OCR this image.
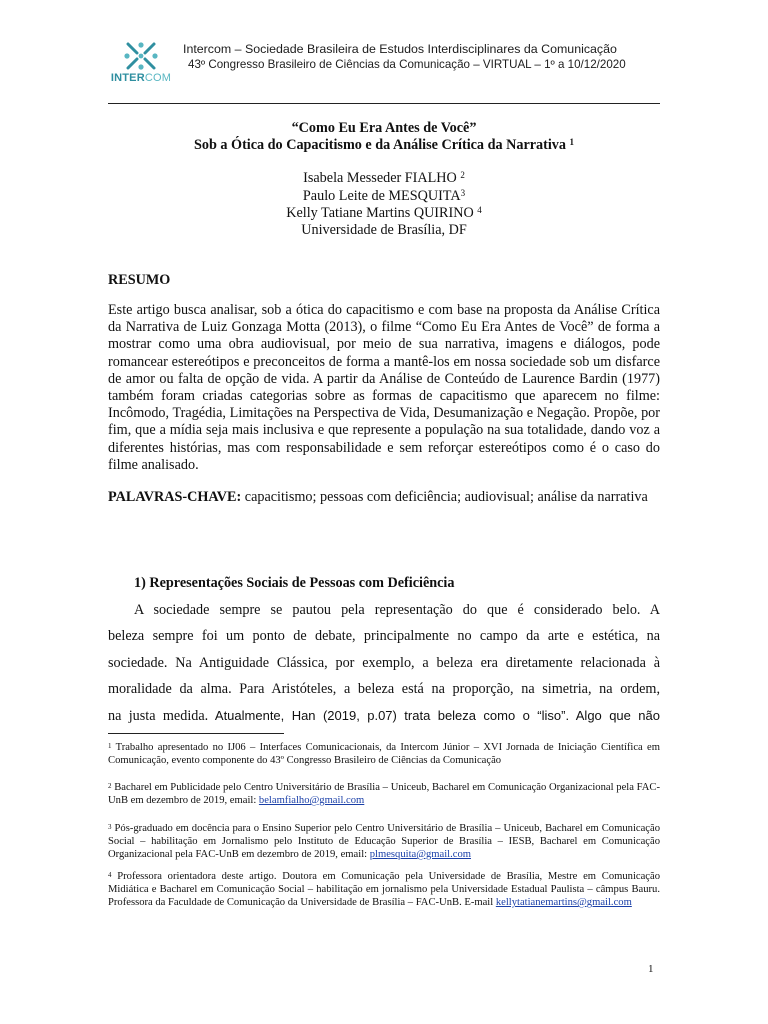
INTERCOM
Intercom – Sociedade Brasileira de Estudos Interdisciplinares da Comunicação
43º Congresso Brasileiro de Ciências da Comunicação – VIRTUAL – 1º a 10/12/2020
“Como Eu Era Antes de Você”
Sob a Ótica do Capacitismo e da Análise Crítica da Narrativa $^1$
Isabela Messeder FIALHO $^2$
Paulo Leite de MESQUITA$^3$
Kelly Tatiane Martins QUIRINO $^4$
Universidade de Brasília, DF
RESUMO
Este artigo busca analisar, sob a ótica do capacitismo e com base na proposta da Análise Crítica da Narrativa de Luiz Gonzaga Motta (2013), o filme “Como Eu Era Antes de Você” de forma a mostrar como uma obra audiovisual, por meio de sua narrativa, imagens e diálogos, pode romancear estereótipos e preconceitos de forma a mantê-los em nossa sociedade sob um disfarce de amor ou falta de opção de vida. A partir da Análise de Conteúdo de Laurence Bardin (1977) também foram criadas categorias sobre as formas de capacitismo que aparecem no filme: Incômodo, Tragédia, Limitações na Perspectiva de Vida, Desumanização e Negação. Propõe, por fim, que a mídia seja mais inclusiva e que represente a população na sua totalidade, dando voz a diferentes histórias, mas com responsabilidade e sem reforçar estereótipos como é o caso do filme analisado.
PALAVRAS-CHAVE: capacitismo; pessoas com deficiência; audiovisual; análise da narrativa
1) Representações Sociais de Pessoas com Deficiência
A sociedade sempre se pautou pela representação do que é considerado belo. A
beleza sempre foi um ponto de debate, principalmente no campo da arte e estética, na
sociedade. Na Antiguidade Clássica, por exemplo, a beleza era diretamente relacionada à
moralidade da alma. Para Aristóteles, a beleza está na proporção, na simetria, na ordem,
na justa medida. Atualmente, Han (2019, p.07) trata beleza como o “liso”. Algo que não
$^1$ Trabalho apresentado no IJ06 – Interfaces Comunicacionais, da Intercom Júnior – XVI Jornada de Iniciação Científica em Comunicação, evento componente do 43º Congresso Brasileiro de Ciências da Comunicação
$^2$ Bacharel em Publicidade pelo Centro Universitário de Brasília – Uniceub, Bacharel em Comunicação Organizacional pela FAC-UnB em dezembro de 2019, email: belamfialho@gmail.com
$^3$ Pós-graduado em docência para o Ensino Superior pelo Centro Universitário de Brasília – Uniceub, Bacharel em Comunicação Social – habilitação em Jornalismo pelo Instituto de Educação Superior de Brasília – IESB, Bacharel em Comunicação Organizacional pela FAC-UnB em dezembro de 2019, email: plmesquita@gmail.com
$^4$ Professora orientadora deste artigo. Doutora em Comunicação pela Universidade de Brasília, Mestre em Comunicação Midiática e Bacharel em Comunicação Social – habilitação em jornalismo pela Universidade Estadual Paulista – câmpus Bauru. Professora da Faculdade de Comunicação da Universidade de Brasília – FAC-UnB. E-mail kellytatianemartins@gmail.com
1
